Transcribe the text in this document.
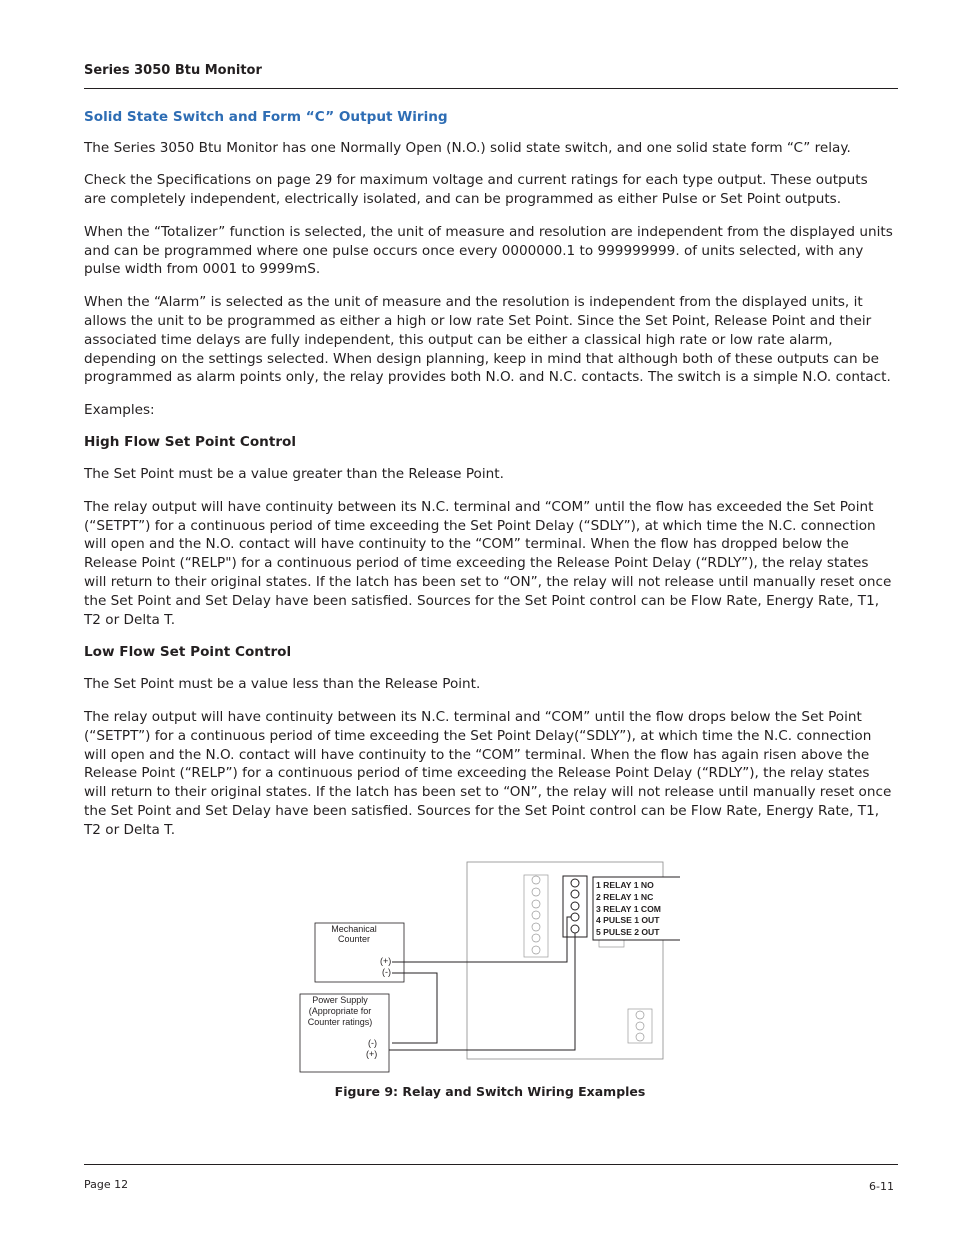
Series 3050 Btu Monitor
Solid State Switch and Form “C” Output Wiring

The Series 3050 Btu Monitor has one Normally Open (N.O.) solid state switch, and one solid state form “C” relay.

Check the Specifications on page 29 for maximum voltage and current ratings for each type output. These outputs are completely independent, electrically isolated, and can be programmed as either Pulse or Set Point outputs.

When the “Totalizer” function is selected, the unit of measure and resolution are independent from the displayed units and can be programmed where one pulse occurs once every 0000000.1 to 999999999. of units selected, with any pulse width from 0001 to 9999mS.

When the “Alarm” is selected as the unit of measure and the resolution is independent from the displayed units, it allows the unit to be programmed as either a high or low rate Set Point. Since the Set Point, Release Point and their associated time delays are fully independent, this output can be either a classical high rate or low rate alarm, depending on the settings selected. When design planning, keep in mind that although both of these outputs can be programmed as alarm points only, the relay provides both N.O. and N.C. contacts. The switch is a simple N.O. contact.

Examples:

High Flow Set Point Control

The Set Point must be a value greater than the Release Point.

The relay output will have continuity between its N.C. terminal and “COM” until the flow has exceeded the Set Point (“SETPT”) for a continuous period of time exceeding the Set Point Delay (“SDLY”), at which time the N.C. connection will open and the N.O. contact will have continuity to the “COM” terminal. When the flow has dropped below the Release Point (“RELP") for a continuous period of time exceeding the Release Point Delay (“RDLY”), the relay states will return to their original states. If the latch has been set to “ON”, the relay will not release until manually reset once the Set Point and Set Delay have been satisfied. Sources for the Set Point control can be Flow Rate, Energy Rate, T1, T2 or Delta T.

Low Flow Set Point Control

The Set Point must be a value less than the Release Point.

The relay output will have continuity between its N.C. terminal and “COM” until the flow drops below the Set Point (“SETPT”) for a continuous period of time exceeding the Set Point Delay(“SDLY”), at which time the N.C. connection will open and the N.O. contact will have continuity to the “COM” terminal. When the flow has again risen above the Release Point (“RELP”) for a continuous period of time exceeding the Release Point Delay (“RDLY”), the relay states will return to their original states. If the latch has been set to “ON”, the relay will not release until manually reset once the Set Point and Set Delay have been satisfied. Sources for the Set Point control can be Flow Rate, Energy Rate, T1, T2 or Delta T.

1 RELAY 1 NO
2 RELAY 1 NC
3 RELAY 1 COM
4 PULSE 1 OUT
5 PULSE 2 OUT
Mechanical
Counter
(+)
(-)
Power Supply
(Appropriate for
Counter ratings)
(-)
(+)
Figure 9: Relay and Switch Wiring Examples
Page 12	6-11
